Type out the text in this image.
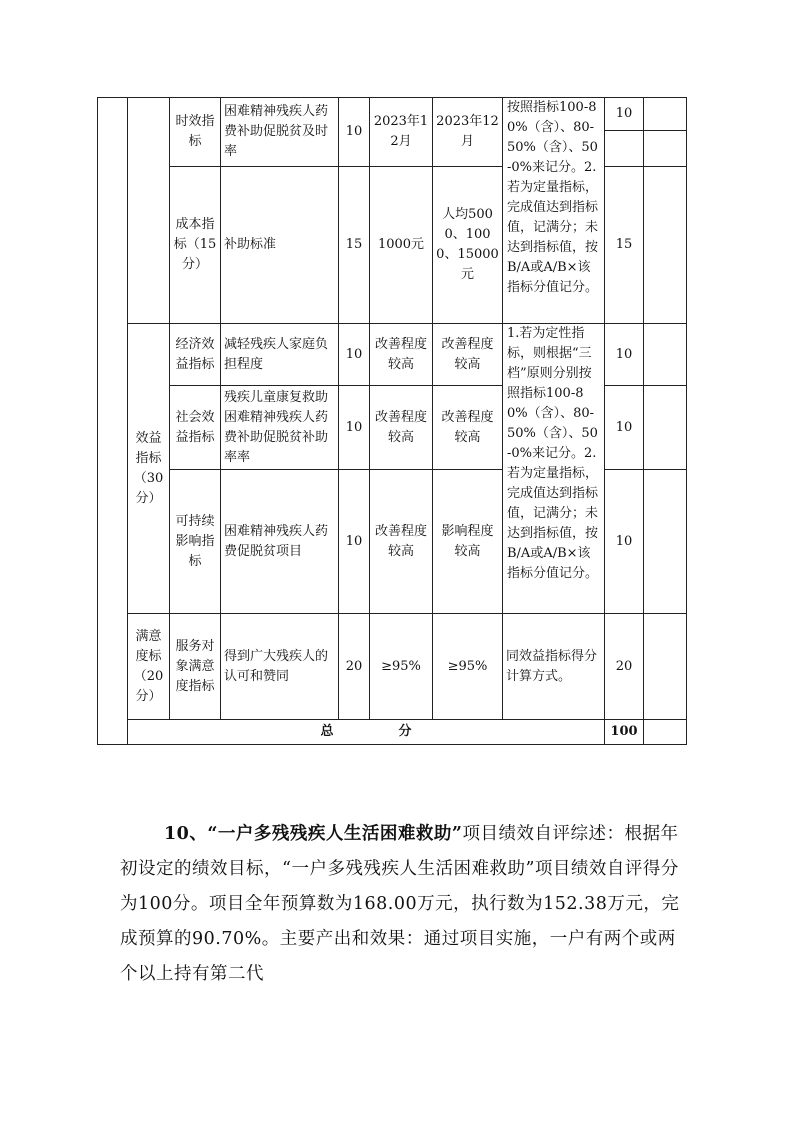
		时效指标	困难精神残疾人药费补助促脱贫及时率	10	2023年12月	2023年12月	按照指标100-80%（含）、80-50%（含）、50-0%来记分。2.若为定量指标，完成值达到指标值，记满分；未达到指标值，按B/A或A/B×该指标分值记分。	10	

		成本指标（15分）	补助标准	15	1000元	人均5000、1000、15000元		15	
	效益指标（30分）	经济效益指标	减轻残疾人家庭负担程度	10	改善程度较高	改善程度较高	1.若为定性指标，则根据“三档”原则分别按照指标100-80%（含）、80-50%（含）、50-0%来记分。2.若为定量指标，完成值达到指标值，记满分；未达到指标值，按B/A或A/B×该指标分值记分。	10	
		社会效益指标	残疾儿童康复救助困难精神残疾人药费补助促脱贫补助率率	10	改善程度较高	改善程度较高		10	
		可持续影响指标	困难精神残疾人药费促脱贫项目	10	改善程度较高	影响程度较高		10	
	满意度标（20分）	服务对象满意度指标	得到广大残疾人的认可和赞同	20	≥95%	≥95%	同效益指标得分计算方式。	20	
	总　　　　　分							100	

10、“一户多残残疾人生活困难救助”项目绩效自评综述：根据年初设定的绩效目标，“一户多残残疾人生活困难救助”项目绩效自评得分为100分。项目全年预算数为168.00万元，执行数为152.38万元，完成预算的90.70%。主要产出和效果：通过项目实施，一户有两个或两个以上持有第二代
